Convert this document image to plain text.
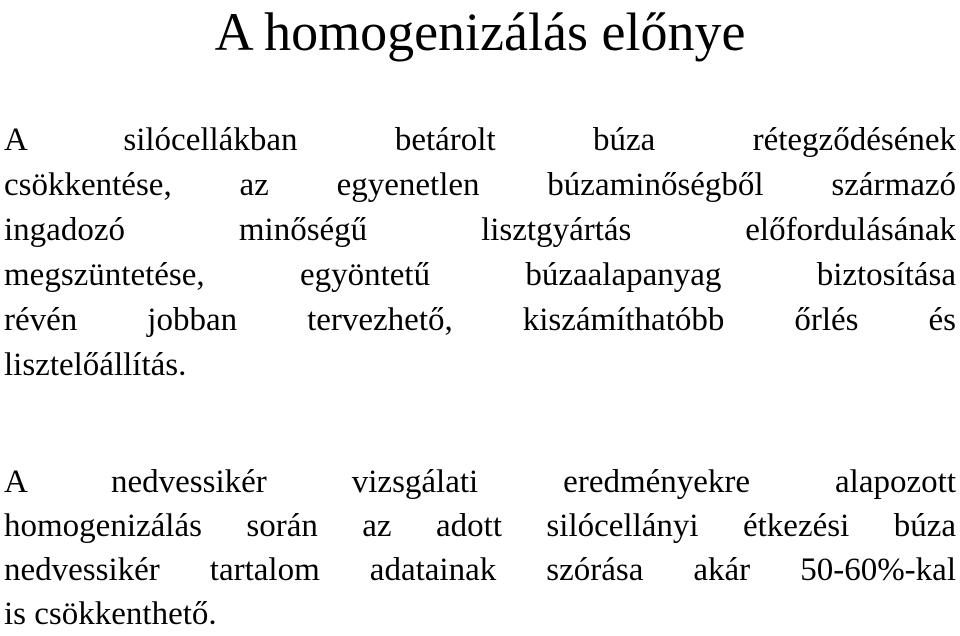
A homogenizálás előnye
A silócellákban betárolt búza rétegződésének
csökkentése, az egyenetlen búzaminőségből származó
ingadozó minőségű lisztgyártás előfordulásának
megszüntetése, egyöntetű búzaalapanyag biztosítása
révén jobban tervezhető, kiszámíthatóbb őrlés és
lisztelőállítás.
A nedvessikér vizsgálati eredményekre alapozott
homogenizálás során az adott silócellányi étkezési búza
nedvessikér tartalom adatainak szórása akár 50-60%-kal
is csökkenthető.
